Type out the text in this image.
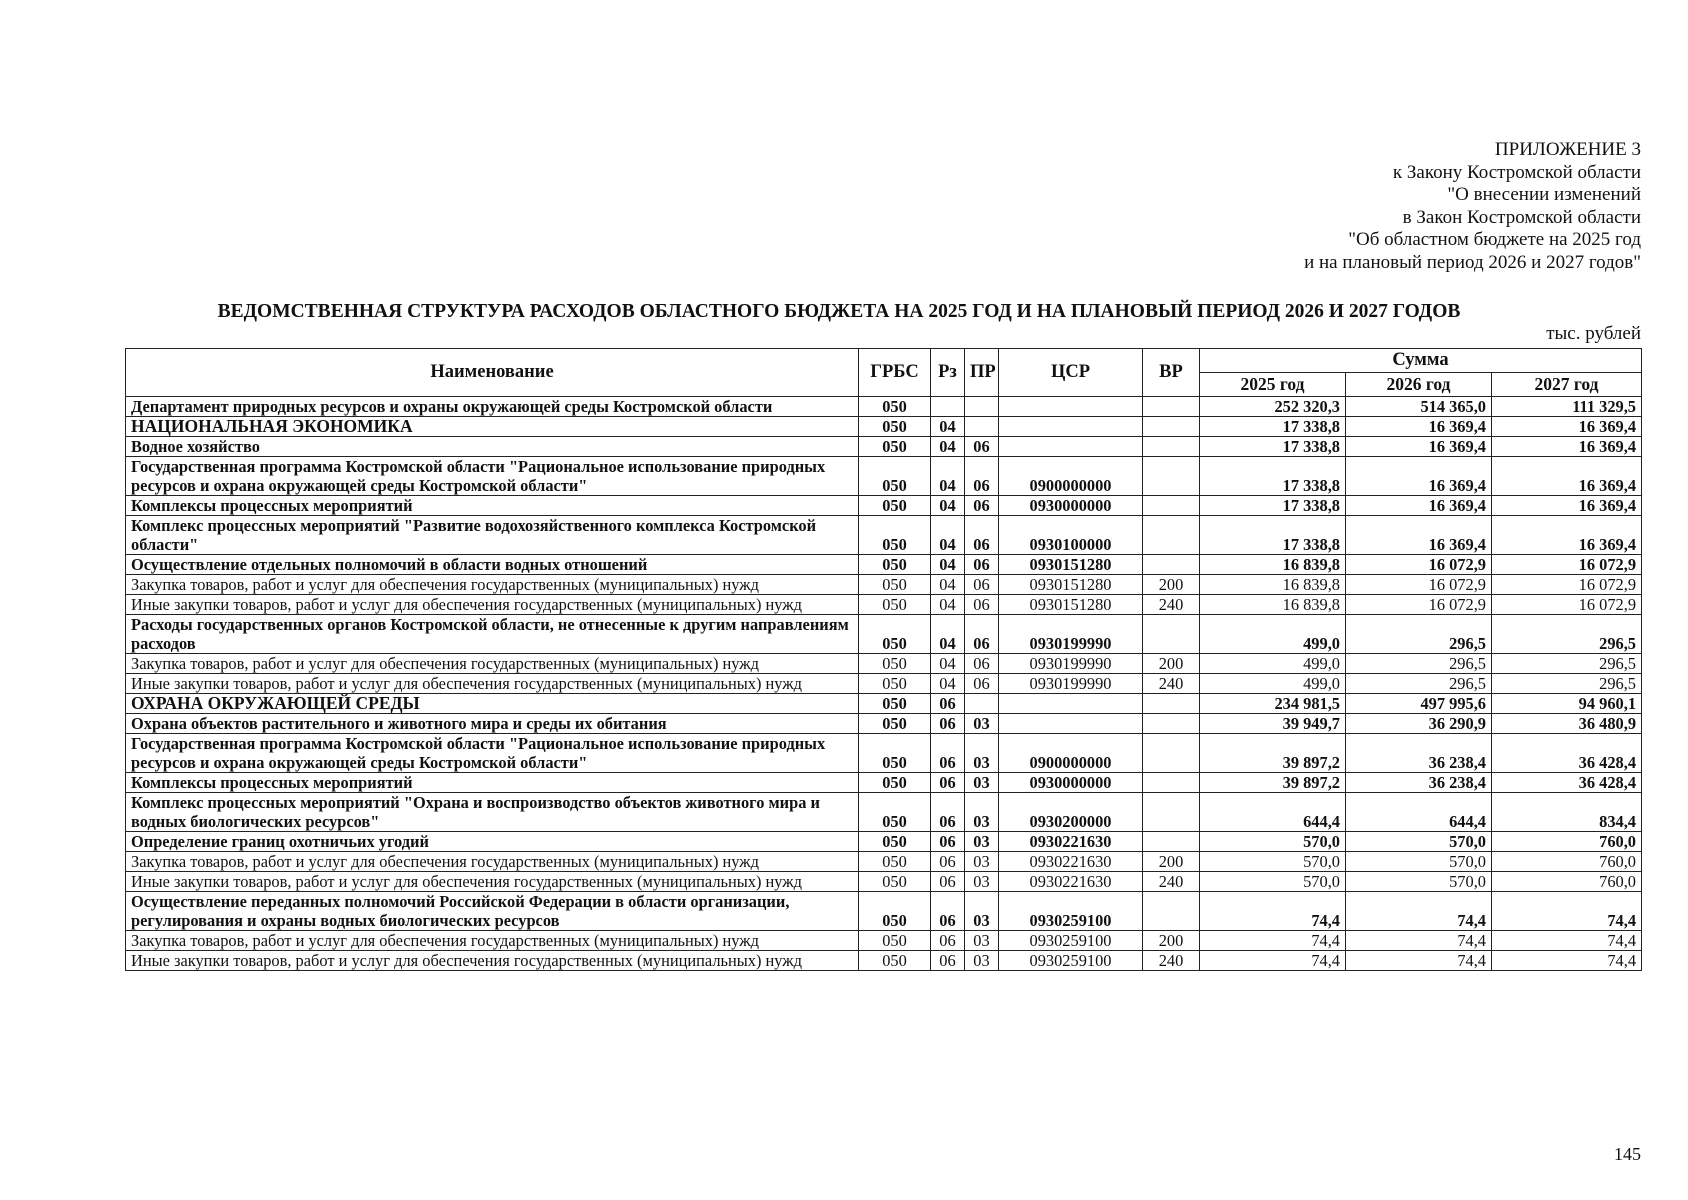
ПРИЛОЖЕНИЕ 3
к Закону Костромской области
"О внесении изменений
в Закон Костромской области
"Об областном бюджете на 2025 год
и на плановый период 2026 и 2027 годов"
ВЕДОМСТВЕННАЯ СТРУКТУРА РАСХОДОВ ОБЛАСТНОГО БЮДЖЕТА НА 2025 ГОД И НА ПЛАНОВЫЙ ПЕРИОД 2026 И 2027 ГОДОВ
тыс. рублей
Наименование	ГРБС	Рз	ПР	ЦСР	ВР	Сумма		
						2025 год	2026 год	2027 год
Департамент природных ресурсов и охраны окружающей среды Костромской области	050					252 320,3	514 365,0	111 329,5
НАЦИОНАЛЬНАЯ ЭКОНОМИКА	050	04				17 338,8	16 369,4	16 369,4
Водное хозяйство	050	04	06			17 338,8	16 369,4	16 369,4
Государственная программа Костромской области "Рациональное использование природных ресурсов и охрана окружающей среды Костромской области"	050	04	06	0900000000		17 338,8	16 369,4	16 369,4
Комплексы процессных мероприятий	050	04	06	0930000000		17 338,8	16 369,4	16 369,4
Комплекс процессных мероприятий "Развитие водохозяйственного комплекса Костромской области"	050	04	06	0930100000		17 338,8	16 369,4	16 369,4
Осуществление отдельных полномочий в области водных отношений	050	04	06	0930151280		16 839,8	16 072,9	16 072,9
Закупка товаров, работ и услуг для обеспечения государственных (муниципальных) нужд	050	04	06	0930151280	200	16 839,8	16 072,9	16 072,9
Иные закупки товаров, работ и услуг для обеспечения государственных (муниципальных) нужд	050	04	06	0930151280	240	16 839,8	16 072,9	16 072,9
Расходы государственных органов Костромской области, не отнесенные к другим направлениям расходов	050	04	06	0930199990		499,0	296,5	296,5
Закупка товаров, работ и услуг для обеспечения государственных (муниципальных) нужд	050	04	06	0930199990	200	499,0	296,5	296,5
Иные закупки товаров, работ и услуг для обеспечения государственных (муниципальных) нужд	050	04	06	0930199990	240	499,0	296,5	296,5
ОХРАНА ОКРУЖАЮЩЕЙ СРЕДЫ	050	06				234 981,5	497 995,6	94 960,1
Охрана объектов растительного и животного мира и среды их обитания	050	06	03			39 949,7	36 290,9	36 480,9
Государственная программа Костромской области "Рациональное использование природных ресурсов и охрана окружающей среды Костромской области"	050	06	03	0900000000		39 897,2	36 238,4	36 428,4
Комплексы процессных мероприятий	050	06	03	0930000000		39 897,2	36 238,4	36 428,4
Комплекс процессных мероприятий "Охрана и воспроизводство объектов животного мира и водных биологических ресурсов"	050	06	03	0930200000		644,4	644,4	834,4
Определение границ охотничьих угодий	050	06	03	0930221630		570,0	570,0	760,0
Закупка товаров, работ и услуг для обеспечения государственных (муниципальных) нужд	050	06	03	0930221630	200	570,0	570,0	760,0
Иные закупки товаров, работ и услуг для обеспечения государственных (муниципальных) нужд	050	06	03	0930221630	240	570,0	570,0	760,0
Осуществление переданных полномочий Российской Федерации в области организации, регулирования и охраны водных биологических ресурсов	050	06	03	0930259100		74,4	74,4	74,4
Закупка товаров, работ и услуг для обеспечения государственных (муниципальных) нужд	050	06	03	0930259100	200	74,4	74,4	74,4
Иные закупки товаров, работ и услуг для обеспечения государственных (муниципальных) нужд	050	06	03	0930259100	240	74,4	74,4	74,4
145
